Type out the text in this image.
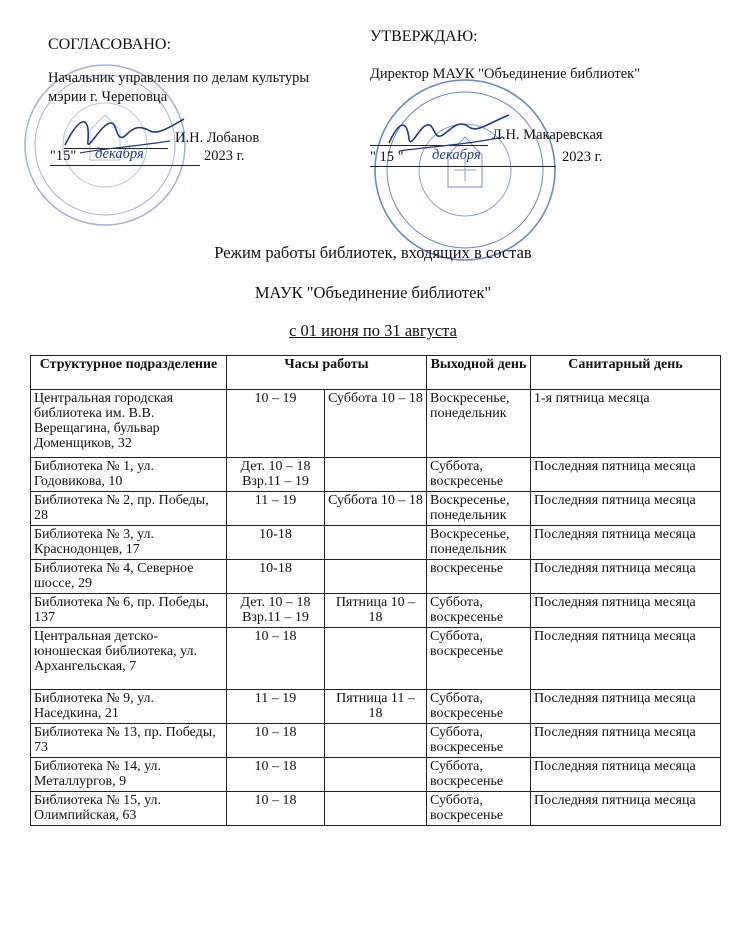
СОГЛАСОВАНО:
Начальник управления по делам культуры
мэрии г. Череповца
И.Н. Лобанов
"15" декабря	2023 г.
УТВЕРЖДАЮ:
Директор МАУК "Объединение библиотек"
Л.Н. Макаревская
" 15 " декабря	2023 г.
Режим работы библиотек, входящих в состав
МАУК "Объединение библиотек"
с 01 июня по 31 августа
Структурное подразделение	Часы работы		Выходной день	Санитарный день
Центральная городская библиотека им. В.В. Верещагина, бульвар Доменщиков, 32	10 – 19	Суббота 10 – 18	Воскресенье, понедельник	1-я пятница месяца
Библиотека № 1, ул. Годовикова, 10	Дет. 10 – 18 Взр.11 – 19		Суббота, воскресенье	Последняя пятница месяца
Библиотека № 2, пр. Победы, 28	11 – 19	Суббота 10 – 18	Воскресенье, понедельник	Последняя пятница месяца
Библиотека № 3, ул. Краснодонцев, 17	10-18		Воскресенье, понедельник	Последняя пятница месяца
Библиотека № 4, Северное шоссе, 29	10-18		воскресенье	Последняя пятница месяца
Библиотека № 6, пр. Победы, 137	Дет. 10 – 18 Взр.11 – 19	Пятница 10 – 18	Суббота, воскресенье	Последняя пятница месяца
Центральная детско-юношеская библиотека, ул. Архангельская, 7	10 – 18		Суббота, воскресенье	Последняя пятница месяца
Библиотека № 9, ул. Наседкина, 21	11 – 19	Пятница 11 – 18	Суббота, воскресенье	Последняя пятница месяца
Библиотека № 13, пр. Победы, 73	10 – 18		Суббота, воскресенье	Последняя пятница месяца
Библиотека № 14, ул. Металлургов, 9	10 – 18		Суббота, воскресенье	Последняя пятница месяца
Библиотека № 15, ул. Олимпийская, 63	10 – 18		Суббота, воскресенье	Последняя пятница месяца
